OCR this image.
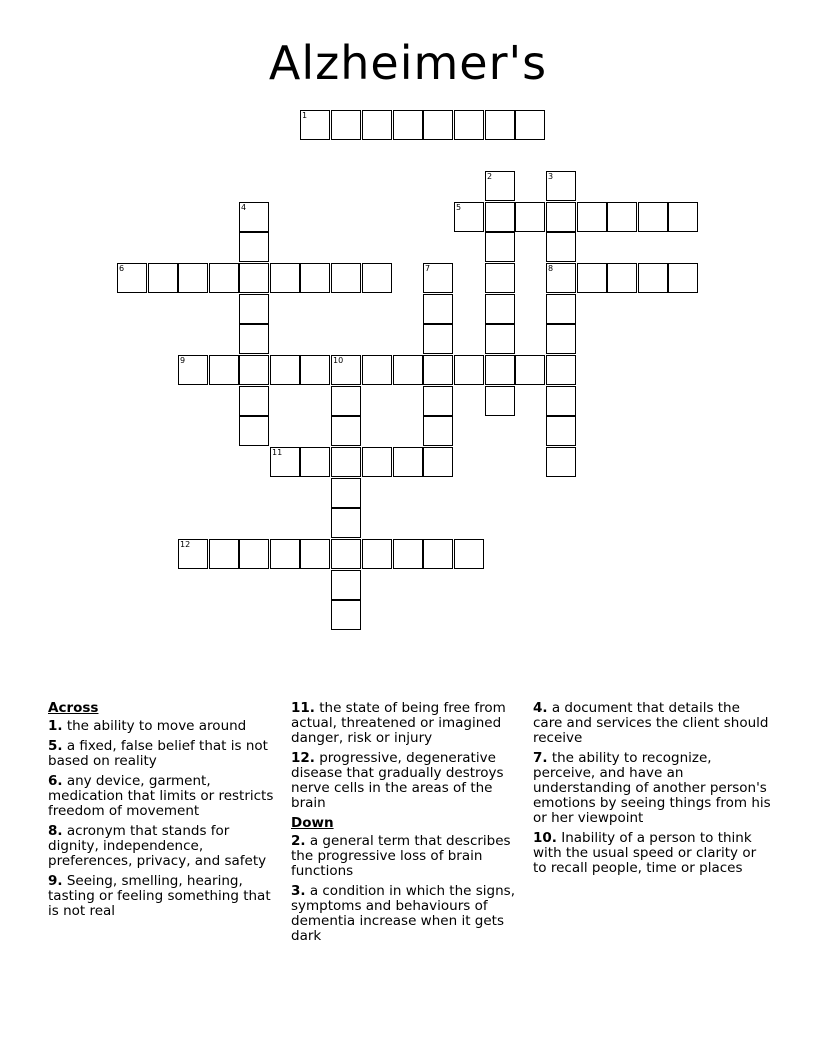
Alzheimer's
1
2	3
4	5
6	7	8
9	10
11
12
Across
1. the ability to move around
5. a fixed, false belief that is not based on reality
6. any device, garment, medication that limits or restricts freedom of movement
8. acronym that stands for dignity, independence, preferences, privacy, and safety
9. Seeing, smelling, hearing, tasting or feeling something that is not real
11. the state of being free from actual, threatened or imagined danger, risk or injury
12. progressive, degenerative disease that gradually destroys nerve cells in the areas of the brain
Down
2. a general term that describes the progressive loss of brain functions
3. a condition in which the signs, symptoms and behaviours of dementia increase when it gets dark
4. a document that details the care and services the client should receive
7. the ability to recognize, perceive, and have an understanding of another person's emotions by seeing things from his or her viewpoint
10. Inability of a person to think with the usual speed or clarity or to recall people, time or places
